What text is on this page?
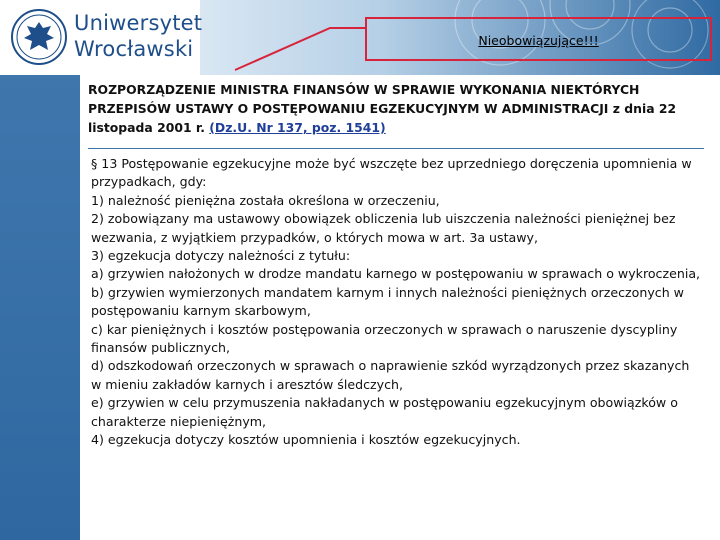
Uniwersytet
Wrocławski	Nieobowiązujące!!!
ROZPORZĄDZENIE MINISTRA FINANSÓW W SPRAWIE WYKONANIA NIEKTÓRYCH PRZEPISÓW USTAWY O POSTĘPOWANIU EGZEKUCYJNYM W ADMINISTRACJI z dnia 22 listopada 2001 r. (Dz.U. Nr 137, poz. 1541)

§ 13 Postępowanie egzekucyjne może być wszczęte bez uprzedniego doręczenia upomnienia w przypadkach, gdy:

1) należność pieniężna została określona w orzeczeniu,

2) zobowiązany ma ustawowy obowiązek obliczenia lub uiszczenia należności pieniężnej bez wezwania, z wyjątkiem przypadków, o których mowa w art. 3a ustawy,

3) egzekucja dotyczy należności z tytułu:

a) grzywien nałożonych w drodze mandatu karnego w postępowaniu w sprawach o wykroczenia,

b) grzywien wymierzonych mandatem karnym i innych należności pieniężnych orzeczonych w postępowaniu karnym skarbowym,

c) kar pieniężnych i kosztów postępowania orzeczonych w sprawach o naruszenie dyscypliny finansów publicznych,

d) odszkodowań orzeczonych w sprawach o naprawienie szkód wyrządzonych przez skazanych w mieniu zakładów karnych i aresztów śledczych,

e) grzywien w celu przymuszenia nakładanych w postępowaniu egzekucyjnym obowiązków o charakterze niepieniężnym,

4) egzekucja dotyczy kosztów upomnienia i kosztów egzekucyjnych.
